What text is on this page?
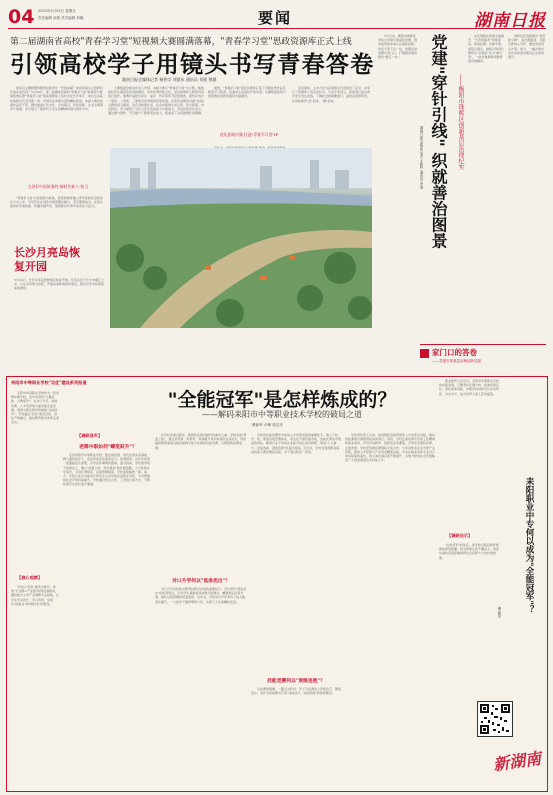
04 2025年5月25日 星期日
责任编辑 周游 美术编辑 刘曦	要闻	湖南日报
第二届湖南省高校"青春学习堂"短视频大赛圆满落幕，"青春学习堂"思政资源库正式上线
引领高校学子用镜头书写青春答卷
湖南日报全媒体记者 杨智宗 刘银东 通讯员 刘铭 曾涵
　　如何以主题鲜明的影像讲述青年一代的故事？如何用镜头记录新时代的奋进历程？5月24日，第二届湖南省高校"青春学习堂"短视频大赛颁奖典礼暨"青春学习堂"思政资源库上线仪式在长沙举行，来自全省高校的师生代表齐聚一堂，共同见证青春力量的精彩绽放。本届大赛共收到作品近千部，题材涵盖红色文化、乡村振兴、科技创新、生态文明等多个领域，充分展示了新时代大学生的精神风貌与创作才华。
当讲好中国故事的"新时代新人"担当
　　"青春学习堂"以短视频为载体，将思政教育融入青年喜闻乐见的表达方式之中，引导学生在创作中感悟理论魅力、坚定理想信念，在镜头前讲好中国故事、传播中国声音，展现新时代青年的责任与担当。
　　大赛组委会相关负责人介绍，本届大赛以"青春学习堂"为主题，鼓励高校学生围绕党的创新理论、中华优秀传统文化、身边的榜样人物等内容进行创作。参赛作品经过初评、复评、终评等环节层层遴选，最终评选出一等奖、二等奖、三等奖及优秀组织奖等奖项。获奖作品既有对重大时政主题的深入解读，也有对校园生活、社会实践的生动记录，形式新颖、内容鲜活，充分展现了当代大学生的创造力与感染力。多位获奖学生表示，通过参与创作，不仅提升了影像表达能力，更加深了对家国情怀的理解。
　　据悉，"青春学习堂"思政资源库汇集了历届优秀作品及配套学习资源，将面向全省高校开放共享，为课程思政和日常思想政治教育提供丰富素材。
优化思政内涵 打造"青春学习堂"IP
　　活动现场，主办方还为获奖师生代表颁发了证书，并举行了资源库上线启动仪式。与会专家表示，短视频已成为青年学生表达自我、了解社会的重要窗口，高校应因势利导，让思政教育"活"起来、"潮"起来。
长沙月亮岛恢复开园
5月24日，长沙月亮岛经修缮后恢复开园。月亮岛位于长沙市湘江之中，以生态资源为依托，开展各类休闲游玩项目，吸引众多市民游客前来游玩。
　　5月以来，衡阳市珠晖区坚持以党建引领基层治理，推动组织体系向小区楼栋延伸，党员干部下沉一线，把服务送到群众家门口，打通联系服务群众"最后一米"。	党建"穿针引线" 织就善治图景	——衡阳市珠晖区创新基层治理纪实
湖南日报全媒体记者 王新晖 通讯员 李逸
　　社区网格化管理全面铺开，"红色网格员"穿梭街巷，收集民情、化解矛盾。居民议事会、楼栋长制度让群众从"旁观者"变为"参与者"，一批急难愁盼问题得到有效解决。
　　珠晖区还创新推出"党员积分制"，将志愿服务、邻里互助纳入考评，激发党员带头作用。如今，一幅共建共治共享的善治图景正在徐徐展开。
家门口的答卷
——党建引领基层治理创新实践
耒阳市中等职业学校"双优"建设系列报道
"全能冠军"是怎样炼成的？
——解码耒阳市中等职业技术学校的破局之道
曹新军 卢峰 周宝安
　　耒阳市中等职业学校作为一所老牌中职学校，近年来坚持"以赛促教、以赛促学"，在对口升学、技能竞赛、人才培养等方面实现全面突破，被誉为职业教育领域的"全能冠军"。学校锚定"双优"建设目标，深化产教融合，推动教育教学改革走深走实。
【核心观察】
　　学校以"双优"建设为牵引，构建"专业群+产业链"协同发展格局，围绕地方主导产业调整专业结构，让学生学有所长、学以致用，实现从"能就业"向"就好业"的转变。
【调研县市】
老牌中职如何"蝶变跃升"？
　　走进耒阳市中等职业学校，整洁的校园、现代化的实训基地、朝气蓬勃的学子，处处彰显着发展的活力。很难想象，这所学校曾一度面临招生困难、办学条件薄弱的困境。面对挑战，学校领导班子迎难而上，确立"质量立校、特色强校"的发展思路，大力改善办学条件，引进优秀师资，完善管理制度，学校面貌焕然一新。如今，学校已成为当地家长和学生心目中的优质职业学校，办学规模和社会声誉持续提升。学校通过校企合作、工学结合等方式，不断拓宽学生成长成才通道。
　　在学校发展过程中，教师队伍建设始终是重中之重。学校实施"青蓝工程"，通过老带新、传帮带，快速提升青年教师的业务能力，同时鼓励教师参加各级各类教学能力比赛和技能竞赛，以赛促教成效显著。
对口升学何以"低进优出"？
　　对口升学是检验中职学校教学质量的重要标尺。学校坚持"低进优出"的培养理念，针对学生基础差异实施分层教学，精准制定培养方案，强化过程管理和质量监控。近年来，学校对口升学本科上线人数逐年攀升，一大批学子圆梦理想大学，实现了人生的精彩逆袭。
　　学校把技能竞赛作为检验人才培养质量的重要抓手，建立了校、市、省、国家四级竞赛体系，常态化开展技能训练，选拔优秀选手组成集训队，聘请行业专家和企业能手担任指导教师，形成"人人参与、层层选拔、逐级晋级"的良好局面。近年来，学校在各级职业院校技能大赛中屡获佳绩，多个项目斩获一等奖。
技能竞赛何以"逐级连胜"？
　　从校赛到国赛，一路过关斩将，学子们在赛场上淬炼技艺、锤炼意志，用汗水和拼搏书写着"技能成才、技能报国"的青春篇章。
　　学校坚持育人为本，将思想政治教育贯穿人才培养全过程，推动思政课程与课程思政同向同行。同时，学校注重培养学生的工匠精神和职业素养，开设劳动教育、创新创业等课程，引导学生德技并修、全面发展。学校还积极拓展国际交流合作，与多家知名企业共建产业学院，推动人才培养与产业需求精准对接，毕业生就业率和专业对口率持续保持高位，用人单位满意度不断提升，为地方经济社会发展输送了大批高素质技术技能人才。
　　职业教育大有可为。耒阳市中等职业学校的实践表明，只要坚持正确方向、找准发展定位、深化改革创新，中职学校同样可以办出特色、办出水平，成为培养大国工匠的摇篮。
【调研启示】
　　"全能冠军"的背后，是学校对职业教育规律的深刻把握，是全体师生的不懈奋斗，更是党委政府高度重视和社会各界大力支持的结果。	耒阳职业中专何以成为"全能冠军"？
曹新军
新湖南
